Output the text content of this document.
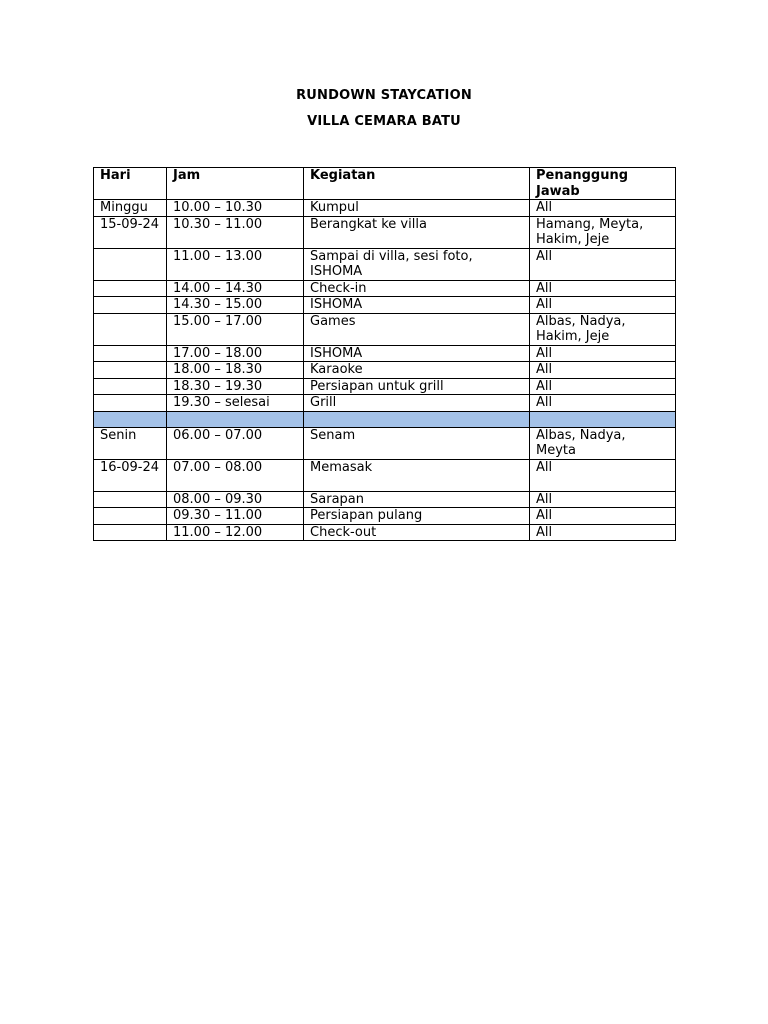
RUNDOWN STAYCATION
VILLA CEMARA BATU
Hari	Jam	Kegiatan	Penanggung Jawab
Minggu	10.00 – 10.30	Kumpul	All
15-09-24	10.30 – 11.00	Berangkat ke villa	Hamang, Meyta, Hakim, Jeje
	11.00 – 13.00	Sampai di villa, sesi foto, ISHOMA	All
	14.00 – 14.30	Check-in	All
	14.30 – 15.00	ISHOMA	All
	15.00 – 17.00	Games	Albas, Nadya, Hakim, Jeje
	17.00 – 18.00	ISHOMA	All
	18.00 – 18.30	Karaoke	All
	18.30 – 19.30	Persiapan untuk grill	All
	19.30 – selesai	Grill	All

Senin	06.00 – 07.00	Senam	Albas, Nadya, Meyta
16-09-24	07.00 – 08.00	Memasak	All
	08.00 – 09.30	Sarapan	All
	09.30 – 11.00	Persiapan pulang	All
	11.00 – 12.00	Check-out	All
